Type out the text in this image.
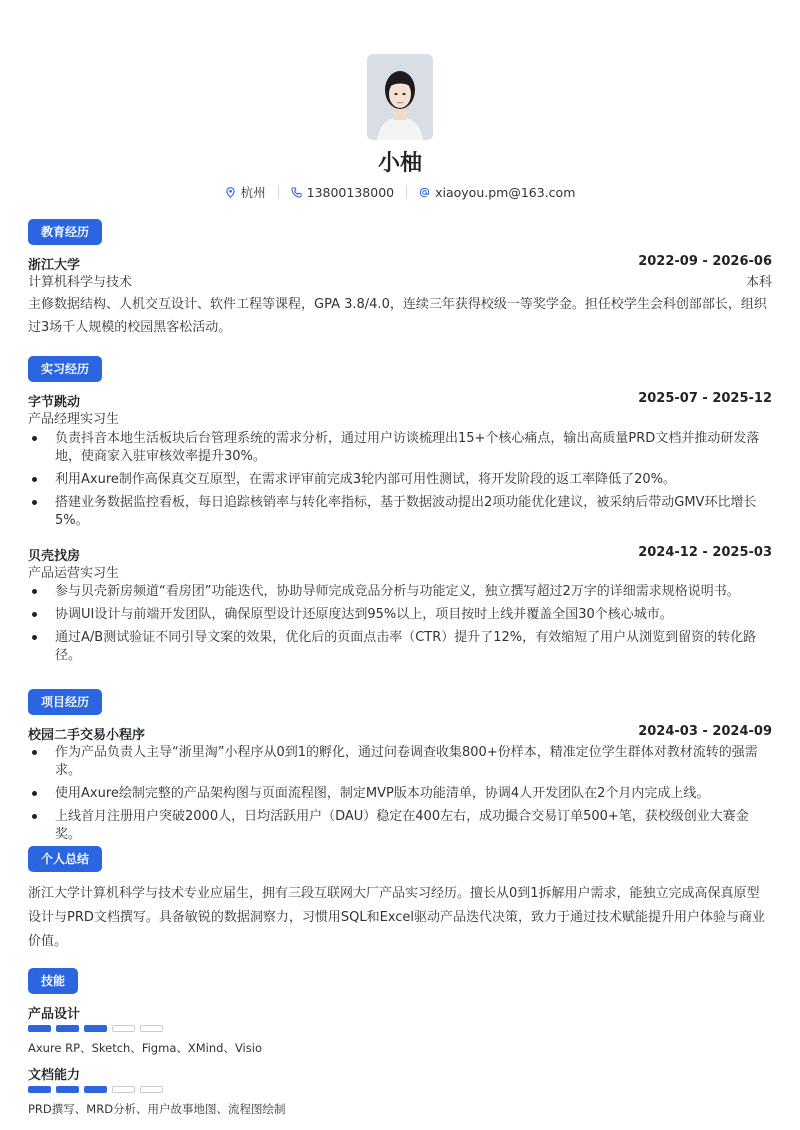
小柚
杭州	13800138000	xiaoyou.pm@163.com
教育经历
浙江大学	2022-09 - 2026-06
计算机科学与技术	本科
主修数据结构、人机交互设计、软件工程等课程，GPA 3.8/4.0，连续三年获得校级一等奖学金。担任校学生会科创部部长，组织过3场千人规模的校园黑客松活动。
实习经历
字节跳动	2025-07 - 2025-12
产品经理实习生
负责抖音本地生活板块后台管理系统的需求分析，通过用户访谈梳理出15+个核心痛点，输出高质量PRD文档并推动研发落地，使商家入驻审核效率提升30%。
利用Axure制作高保真交互原型，在需求评审前完成3轮内部可用性测试，将开发阶段的返工率降低了20%。
搭建业务数据监控看板，每日追踪核销率与转化率指标，基于数据波动提出2项功能优化建议，被采纳后带动GMV环比增长5%。
贝壳找房	2024-12 - 2025-03
产品运营实习生
参与贝壳新房频道“看房团”功能迭代，协助导师完成竞品分析与功能定义，独立撰写超过2万字的详细需求规格说明书。
协调UI设计与前端开发团队，确保原型设计还原度达到95%以上，项目按时上线并覆盖全国30个核心城市。
通过A/B测试验证不同引导文案的效果，优化后的页面点击率（CTR）提升了12%，有效缩短了用户从浏览到留资的转化路径。
项目经历
校园二手交易小程序	2024-03 - 2024-09
作为产品负责人主导“浙里淘”小程序从0到1的孵化，通过问卷调查收集800+份样本，精准定位学生群体对教材流转的强需求。
使用Axure绘制完整的产品架构图与页面流程图，制定MVP版本功能清单，协调4人开发团队在2个月内完成上线。
上线首月注册用户突破2000人，日均活跃用户（DAU）稳定在400左右，成功撮合交易订单500+笔，获校级创业大赛金奖。
个人总结
浙江大学计算机科学与技术专业应届生，拥有三段互联网大厂产品实习经历。擅长从0到1拆解用户需求，能独立完成高保真原型设计与PRD文档撰写。具备敏锐的数据洞察力，习惯用SQL和Excel驱动产品迭代决策，致力于通过技术赋能提升用户体验与商业价值。
技能
产品设计
Axure RP、Sketch、Figma、XMind、Visio
文档能力
PRD撰写、MRD分析、用户故事地图、流程图绘制
